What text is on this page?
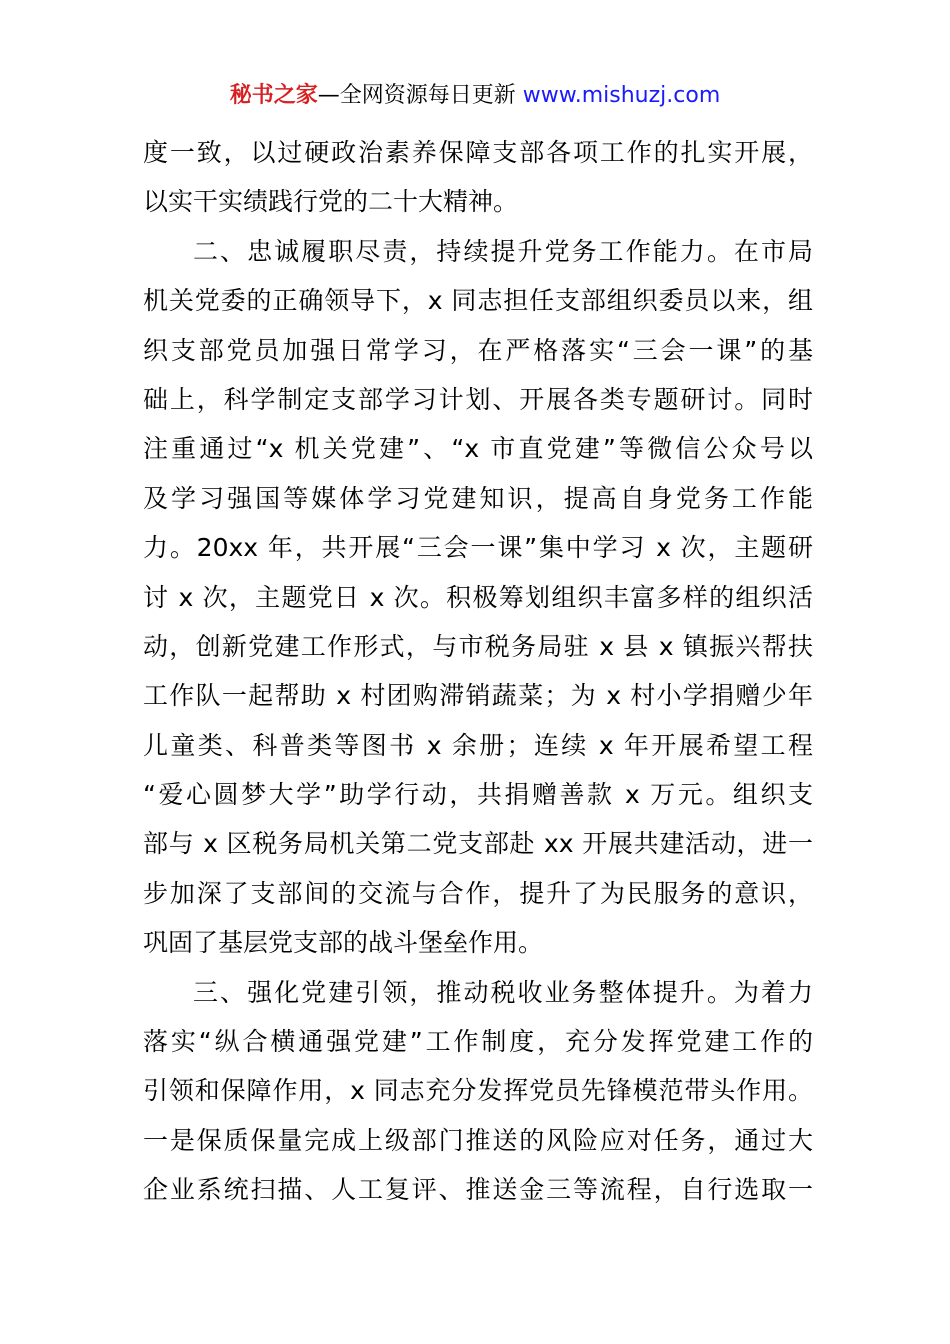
秘书之家—全网资源每日更新 www.mishuzj.com
度一致，以过硬政治素养保障支部各项工作的扎实开展，
以实干实绩践行党的二十大精神。
二、忠诚履职尽责，持续提升党务工作能力。在市局
机关党委的正确领导下，x 同志担任支部组织委员以来，组
织支部党员加强日常学习，在严格落实“三会一课”的基
础上，科学制定支部学习计划、开展各类专题研讨。同时
注重通过“x 机关党建”、“x 市直党建”等微信公众号以
及学习强国等媒体学习党建知识，提高自身党务工作能
力。20xx 年，共开展“三会一课”集中学习 x 次，主题研
讨 x 次，主题党日 x 次。积极筹划组织丰富多样的组织活
动，创新党建工作形式，与市税务局驻 x 县 x 镇振兴帮扶
工作队一起帮助 x 村团购滞销蔬菜；为 x 村小学捐赠少年
儿童类、科普类等图书 x 余册；连续 x 年开展希望工程
“爱心圆梦大学”助学行动，共捐赠善款 x 万元。组织支
部与 x 区税务局机关第二党支部赴 xx 开展共建活动，进一
步加深了支部间的交流与合作，提升了为民服务的意识，
巩固了基层党支部的战斗堡垒作用。
三、强化党建引领，推动税收业务整体提升。为着力
落实“纵合横通强党建”工作制度，充分发挥党建工作的
引领和保障作用，x 同志充分发挥党员先锋模范带头作用。
一是保质保量完成上级部门推送的风险应对任务，通过大
企业系统扫描、人工复评、推送金三等流程，自行选取一
